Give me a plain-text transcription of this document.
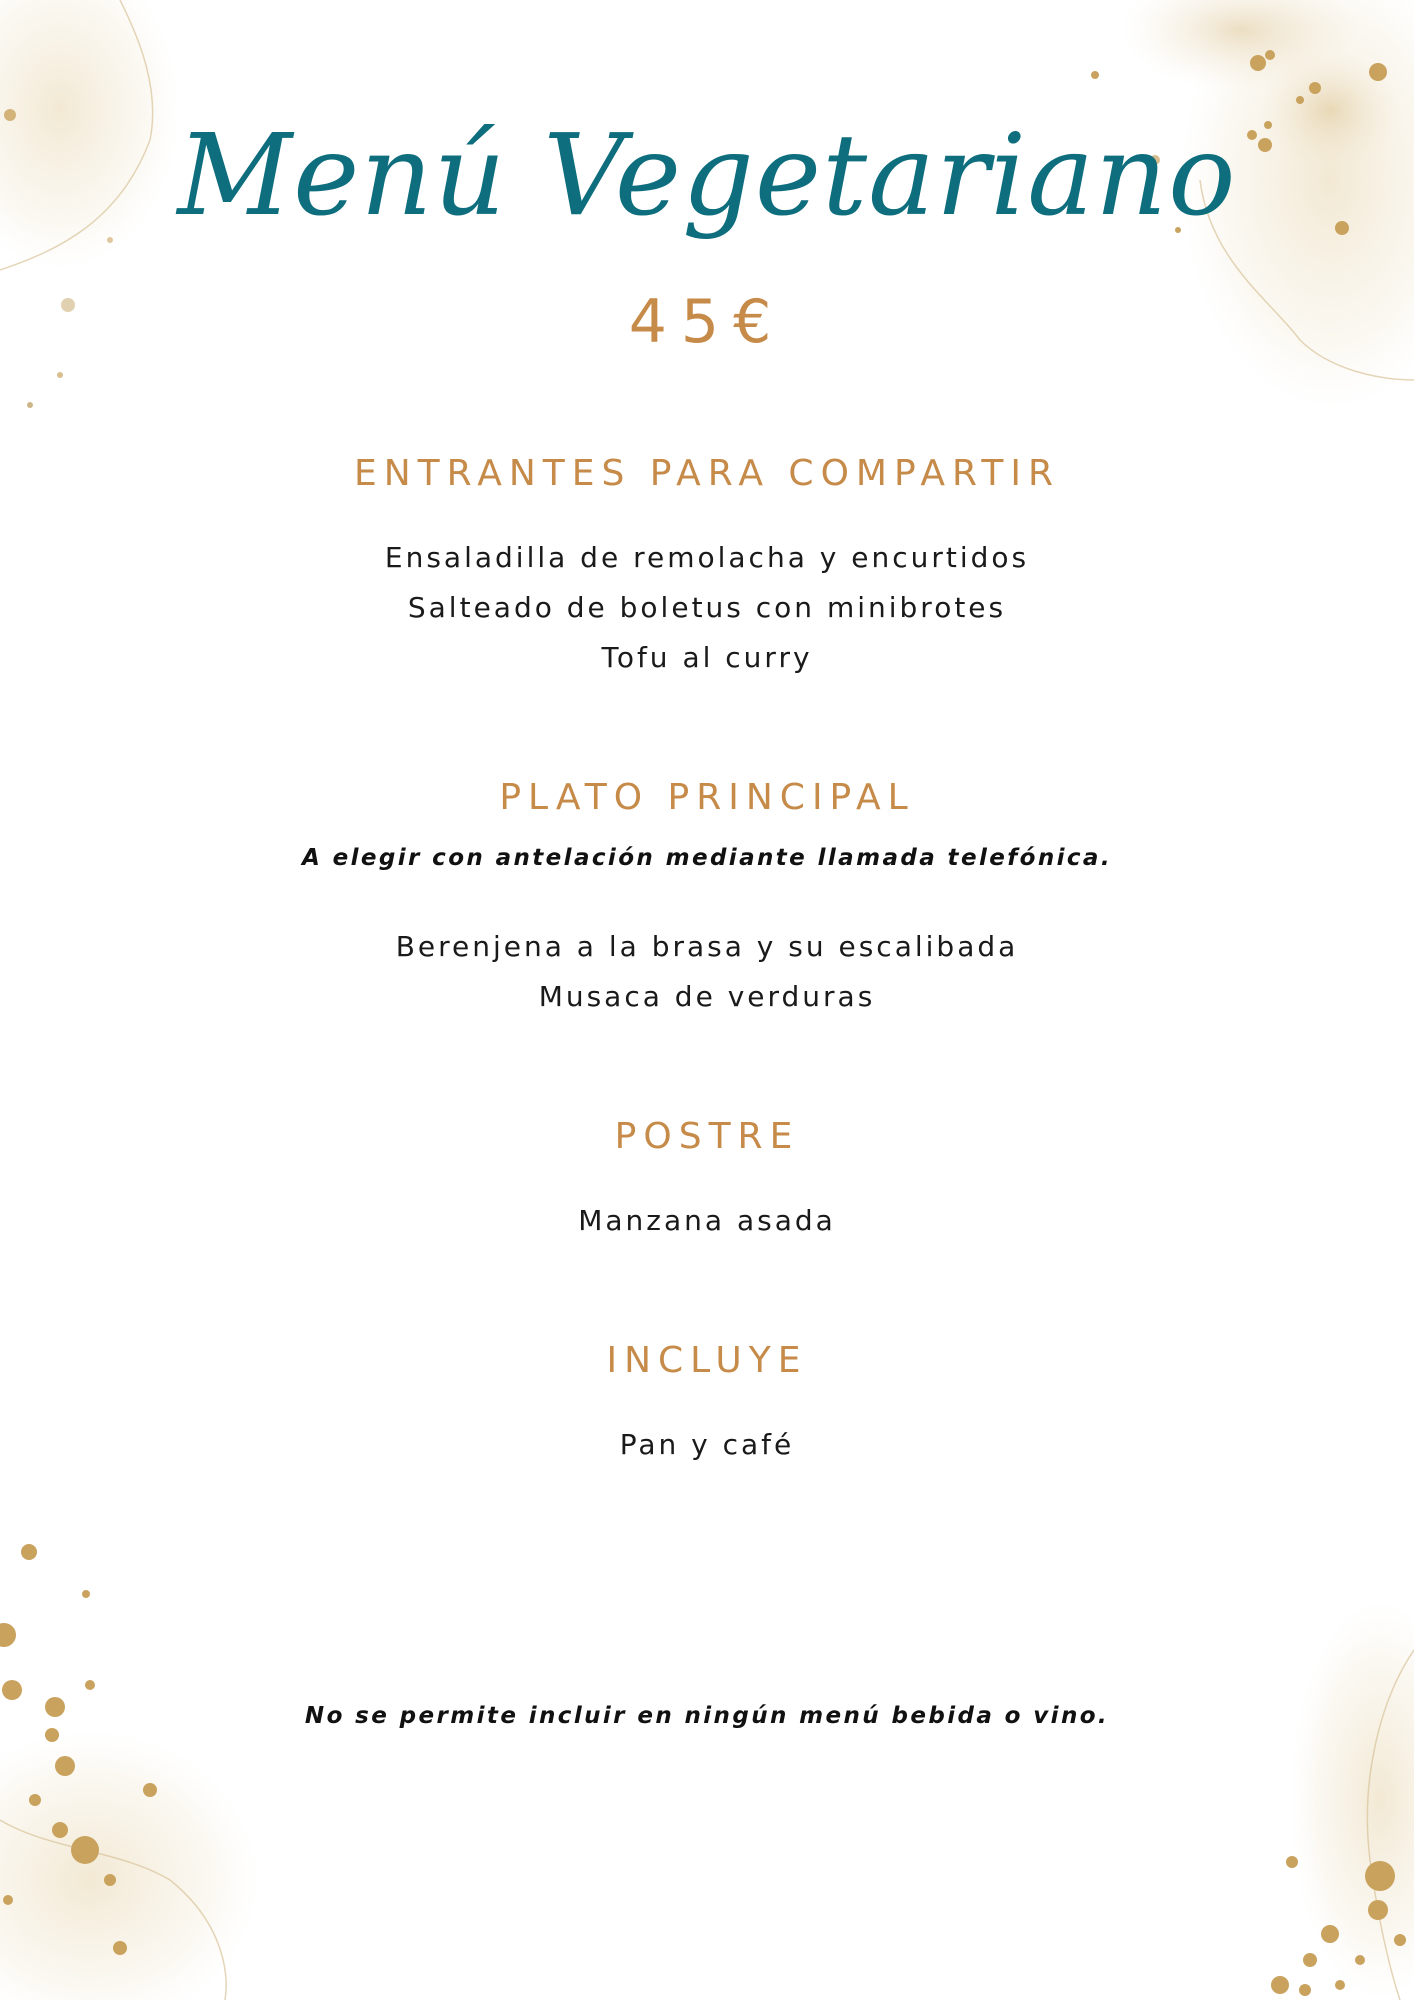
Menú Vegetariano
45€
ENTRANTES PARA COMPARTIR
Ensaladilla de remolacha y encurtidos
Salteado de boletus con minibrotes
Tofu al curry
PLATO PRINCIPAL
A elegir con antelación mediante llamada telefónica.
Berenjena a la brasa y su escalibada
Musaca de verduras
POSTRE
Manzana asada
INCLUYE
Pan y café
No se permite incluir en ningún menú bebida o vino.
